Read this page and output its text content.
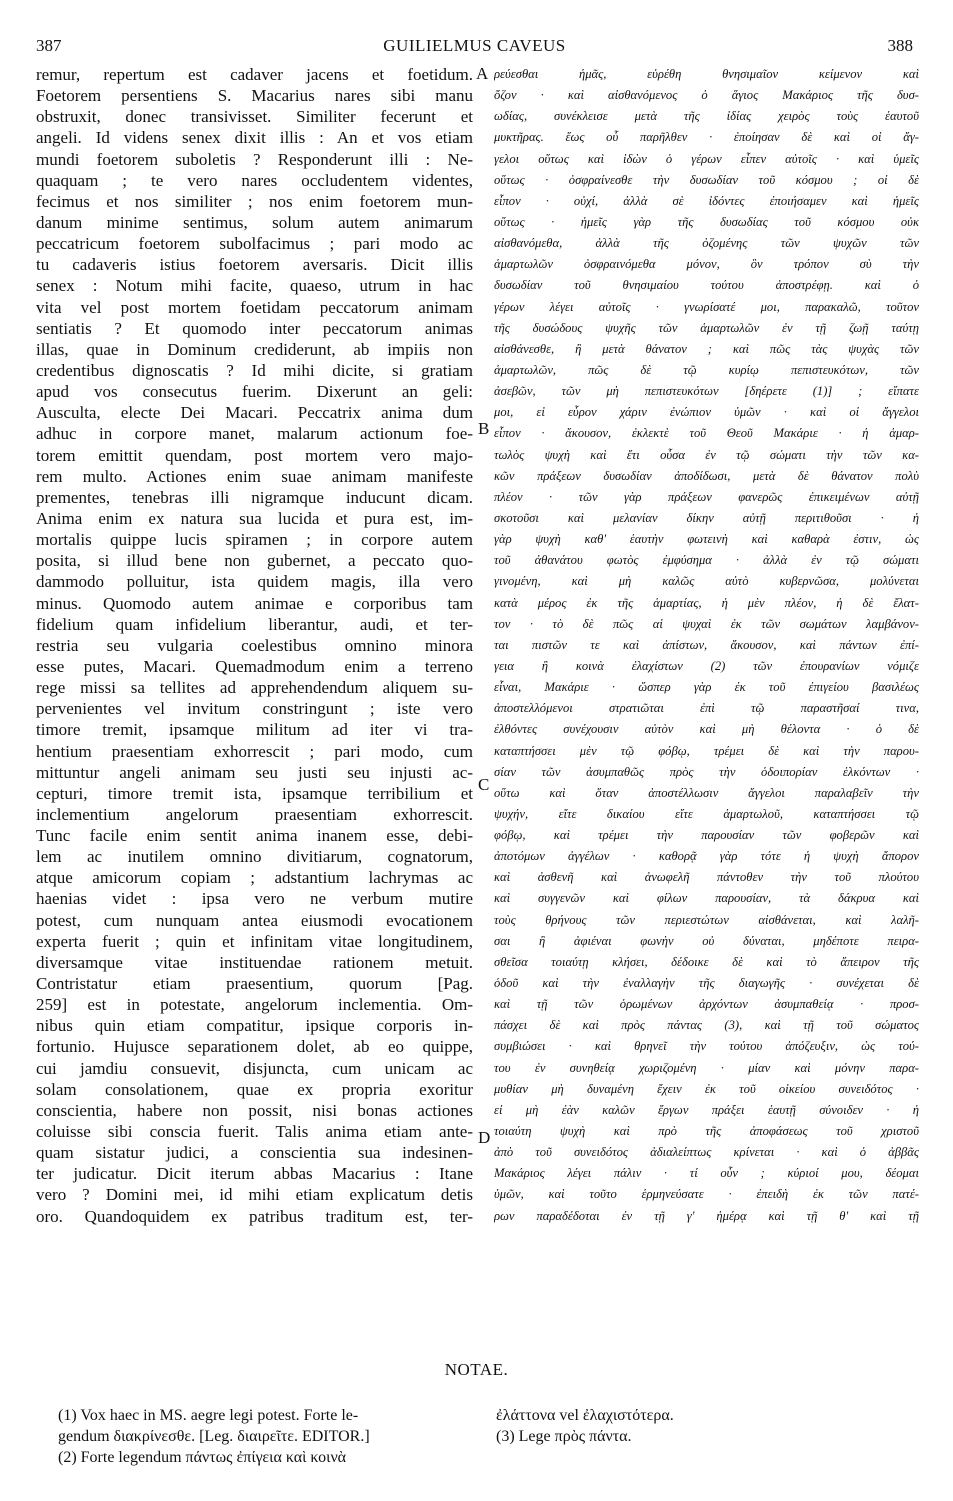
GUILIELMUS CAVEUS
387	388
remur, repertum est cadaver jacens et foetidum.
Foetorem persentiens S. Macarius nares sibi manu
obstruxit, donec transivisset. Similiter fecerunt et
angeli. Id videns senex dixit illis : An et vos etiam
mundi foetorem suboletis ? Responderunt illi : Ne-
quaquam ; te vero nares occludentem videntes,
fecimus et nos similiter ; nos enim foetorem mun-
danum minime sentimus, solum autem animarum
peccatricum foetorem subolfacimus ; pari modo ac
tu cadaveris istius foetorem aversaris. Dicit illis
senex : Notum mihi facite, quaeso, utrum in hac
vita vel post mortem foetidam peccatorum animam
sentiatis ? Et quomodo inter peccatorum animas
illas, quae in Dominum crediderunt, ab impiis non
credentibus dignoscatis ? Id mihi dicite, si gratiam
apud vos consecutus fuerim. Dixerunt an geli:
Ausculta, electe Dei Macari. Peccatrix anima dum
adhuc in corpore manet, malarum actionum foe-
torem emittit quendam, post mortem vero majo-
rem multo. Actiones enim suae animam manifeste
prementes, tenebras illi nigramque inducunt dicam.
Anima enim ex natura sua lucida et pura est, im-
mortalis quippe lucis spiramen ; in corpore autem
posita, si illud bene non gubernet, a peccato quo-
dammodo polluitur, ista quidem magis, illa vero
minus. Quomodo autem animae e corporibus tam
fidelium quam infidelium liberantur, audi, et ter-
restria seu vulgaria coelestibus omnino minora
esse putes, Macari. Quemadmodum enim a terreno
rege missi sa tellites ad apprehendendum aliquem su-
pervenientes vel invitum constringunt ; iste vero
timore tremit, ipsamque militum ad iter vi tra-
hentium praesentiam exhorrescit ; pari modo, cum
mittuntur angeli animam seu justi seu injusti ac-
cepturi, timore tremit ista, ipsamque terribilium et
inclementium angelorum praesentiam exhorrescit.
Tunc facile enim sentit anima inanem esse, debi-
lem ac inutilem omnino divitiarum, cognatorum,
atque amicorum copiam ; adstantium lachrymas ac
haenias videt : ipsa vero ne verbum mutire
potest, cum nunquam antea eiusmodi evocationem
experta fuerit ; quin et infinitam vitae longitudinem,
diversamque vitae instituendae rationem metuit.
Contristatur etiam praesentium, quorum [Pag.
259] est in potestate, angelorum inclementia. Om-
nibus quin etiam compatitur, ipsique corporis in-
fortunio. Hujusce separationem dolet, ab eo quippe,
cui jamdiu consuevit, disjuncta, cum unicam ac
solam consolationem, quae ex propria exoritur
conscientia, habere non possit, nisi bonas actiones
coluisse sibi conscia fuerit. Talis anima etiam ante-
quam sistatur judici, a conscientia sua indesinen-
ter judicatur. Dicit iterum abbas Macarius : Itane
vero ? Domini mei, id mihi etiam explicatum detis
oro. Quandoquidem ex patribus traditum est, ter-
ρεύεσθαι ἡμᾶς, εὑρέθη θνησιμαῖον κείμενον καὶ
ὄζον · καὶ αἰσθανόμενος ὁ ἅγιος Μακάριος τῆς δυσ-
ωδίας, συνέκλεισε μετὰ τῆς ἰδίας χειρὸς τοὺς ἑαυτοῦ
μυκτῆρας. ἕως οὗ παρῆλθεν · ἐποίησαν δὲ καὶ οἱ ἄγ-
γελοι οὕτως καὶ ἰδὼν ὁ γέρων εἶπεν αὐτοῖς · καὶ ὑμεῖς
οὕτως · ὀσφραίνεσθε τὴν δυσωδίαν τοῦ κόσμου ; οἱ δὲ
εἶπον · οὐχί, ἀλλὰ σὲ ἰδόντες ἐποιήσαμεν καὶ ἡμεῖς
οὕτως · ἡμεῖς γὰρ τῆς δυσωδίας τοῦ κόσμου οὐκ
αἰσθανόμεθα, ἀλλὰ τῆς ὀζομένης τῶν ψυχῶν τῶν
ἁμαρτωλῶν ὀσφραινόμεθα μόνον, ὃν τρόπον σὺ τὴν
δυσωδίαν τοῦ θνησιμαίου τούτου ἀποστρέφῃ. καὶ ὁ
γέρων λέγει αὐτοῖς · γνωρίσατέ μοι, παρακαλῶ, τοῦτον
τῆς δυσώδους ψυχῆς τῶν ἁμαρτωλῶν ἐν τῇ ζωῇ ταύτῃ
αἰσθάνεσθε, ἢ μετὰ θάνατον ; καὶ πῶς τὰς ψυχὰς τῶν
ἁμαρτωλῶν, πῶς δὲ τῷ κυρίῳ πεπιστευκότων, τῶν
ἀσεβῶν, τῶν μὴ πεπιστευκότων [δηέρετε (1)] ; εἴπατε
μοι, εἰ εὗρον χάριν ἐνώπιον ὑμῶν · καὶ οἱ ἄγγελοι
εἶπον · ἄκουσον, ἐκλεκτὲ τοῦ Θεοῦ Μακάριε · ἡ ἁμαρ-
τωλὸς ψυχὴ καὶ ἔτι οὖσα ἐν τῷ σώματι τὴν τῶν κα-
κῶν πράξεων δυσωδίαν ἀποδίδωσι, μετὰ δὲ θάνατον πολὺ
πλέον · τῶν γὰρ πράξεων φανερῶς ἐπικειμένων αὐτῇ
σκοτοῦσι καὶ μελανίαν δίκην αὐτῇ περιτιθοῦσι · ἡ
γὰρ ψυχὴ καθ' ἑαυτὴν φωτεινὴ καὶ καθαρὰ ἐστιν, ὡς
τοῦ ἀθανάτου φωτὸς ἐμφύσημα · ἀλλὰ ἐν τῷ σώματι
γινομένη, καὶ μὴ καλῶς αὐτὸ κυβερνῶσα, μολύνεται
κατὰ μέρος ἐκ τῆς ἁμαρτίας, ἡ μὲν πλέον, ἡ δὲ ἔλατ-
τον · τὸ δὲ πῶς αἱ ψυχαὶ ἐκ τῶν σωμάτων λαμβάνον-
ται πιστῶν τε καὶ ἀπίστων, ἄκουσον, καὶ πάντων ἐπί-
γεια ἢ κοινὰ ἐλαχίστων (2) τῶν ἐπουρανίων νόμιζε
εἶναι, Μακάριε · ὥσπερ γὰρ ἐκ τοῦ ἐπιγείου βασιλέως
ἀποστελλόμενοι στρατιῶται ἐπὶ τῷ παραστῆσαί τινα,
ἐλθόντες συνέχουσιν αὐτὸν καὶ μὴ θέλοντα · ὁ δὲ
καταπτήσσει μὲν τῷ φόβῳ, τρέμει δὲ καὶ τὴν παρου-
σίαν τῶν ἀσυμπαθῶς πρὸς τὴν ὁδοιπορίαν ἑλκόντων ·
οὕτω καὶ ὅταν ἀποστέλλωσιν ἄγγελοι παραλαβεῖν τὴν
ψυχήν, εἴτε δικαίου εἴτε ἁμαρτωλοῦ, καταπτήσσει τῷ
φόβῳ, καὶ τρέμει τὴν παρουσίαν τῶν φοβερῶν καὶ
ἀποτόμων ἀγγέλων · καθορᾷ γὰρ τότε ἡ ψυχὴ ἄπορον
καὶ ἀσθενῆ καὶ ἀνωφελῆ πάντοθεν τὴν τοῦ πλούτου
καὶ συγγενῶν καὶ φίλων παρουσίαν, τὰ δάκρυα καὶ
τοὺς θρήνους τῶν περιεστώτων αἰσθάνεται, καὶ λαλῆ-
σαι ἢ ἀφιέναι φωνὴν οὐ δύναται, μηδέποτε πειρα-
σθεῖσα τοιαύτῃ κλήσει, δέδοικε δὲ καὶ τὸ ἄπειρον τῆς
ὁδοῦ καὶ τὴν ἐναλλαγὴν τῆς διαγωγῆς · συνέχεται δὲ
καὶ τῇ τῶν ὁρωμένων ἀρχόντων ἀσυμπαθείᾳ · προσ-
πάσχει δὲ καὶ πρὸς πάντας (3), καὶ τῇ τοῦ σώματος
συμβιώσει · καὶ θρηνεῖ τὴν τούτου ἀπόζευξιν, ὡς τού-
του ἐν συνηθείᾳ χωριζομένη · μίαν καὶ μόνην παρα-
μυθίαν μὴ δυναμένη ἔχειν ἐκ τοῦ οἰκείου συνειδότος ·
εἰ μὴ ἐὰν καλῶν ἔργων πράξει ἑαυτῇ σύνοιδεν · ἡ
τοιαύτη ψυχὴ καὶ πρὸ τῆς ἀποφάσεως τοῦ χριστοῦ
ἀπὸ τοῦ συνειδότος ἀδιαλείπτως κρίνεται · καὶ ὁ ἀββᾶς
Μακάριος λέγει πάλιν · τί οὖν ; κύριοί μου, δέομαι
ὑμῶν, καὶ τοῦτο ἑρμηνεύσατε · ἐπειδὴ ἐκ τῶν πατέ-
ρων παραδέδοται ἐν τῇ γ' ἡμέρᾳ καὶ τῇ θ' καὶ τῇ
A
B
C
D
NOTAE.
(1) Vox haec in MS. aegre legi potest. Forte le-
gendum διακρίνεσθε. [Leg. διαιρεῖτε. EDITOR.]
(2) Forte legendum πάντως ἐπίγεια καὶ κοινὰ
ἐλάττονα vel ἐλαχιστότερα.
(3) Lege πρὸς πάντα.
